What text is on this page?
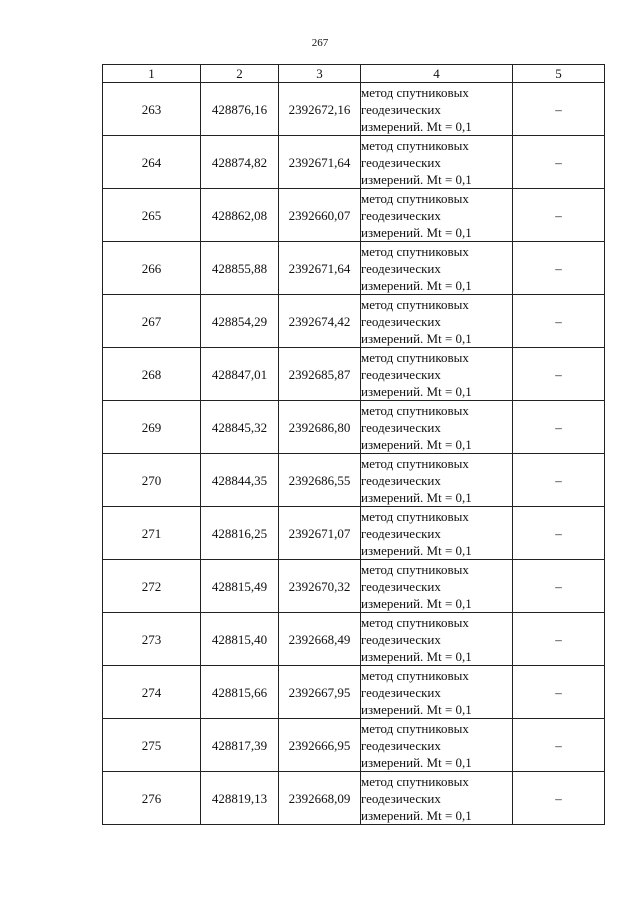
267
1	2	3	4	5
263	428876,16	2392672,16	метод спутниковых
геодезических
измерений. Mt = 0,1	–
264	428874,82	2392671,64	метод спутниковых
геодезических
измерений. Mt = 0,1	–
265	428862,08	2392660,07	метод спутниковых
геодезических
измерений. Mt = 0,1	–
266	428855,88	2392671,64	метод спутниковых
геодезических
измерений. Mt = 0,1	–
267	428854,29	2392674,42	метод спутниковых
геодезических
измерений. Mt = 0,1	–
268	428847,01	2392685,87	метод спутниковых
геодезических
измерений. Mt = 0,1	–
269	428845,32	2392686,80	метод спутниковых
геодезических
измерений. Mt = 0,1	–
270	428844,35	2392686,55	метод спутниковых
геодезических
измерений. Mt = 0,1	–
271	428816,25	2392671,07	метод спутниковых
геодезических
измерений. Mt = 0,1	–
272	428815,49	2392670,32	метод спутниковых
геодезических
измерений. Mt = 0,1	–
273	428815,40	2392668,49	метод спутниковых
геодезических
измерений. Mt = 0,1	–
274	428815,66	2392667,95	метод спутниковых
геодезических
измерений. Mt = 0,1	–
275	428817,39	2392666,95	метод спутниковых
геодезических
измерений. Mt = 0,1	–
276	428819,13	2392668,09	метод спутниковых
геодезических
измерений. Mt = 0,1	–
